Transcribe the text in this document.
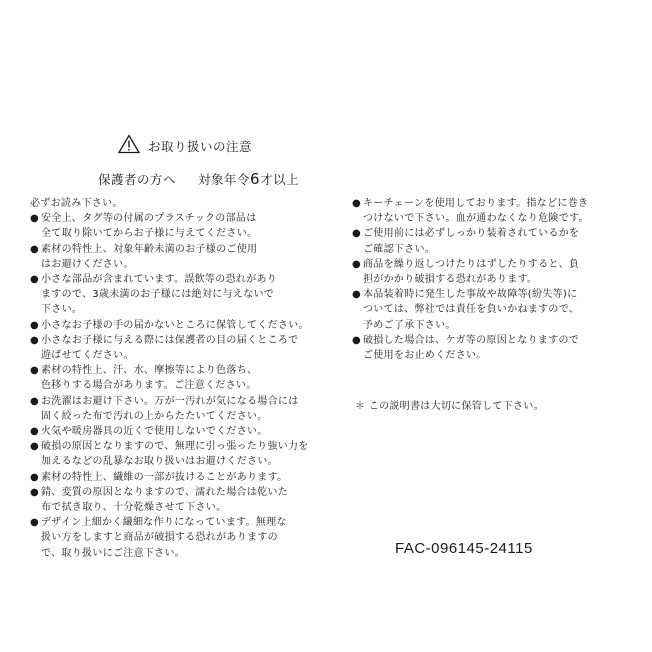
お取り扱いの注意
保護者の方へ 対象年令6才以上
必ずお読み下さい。
● 安全上、タグ等の付属のプラスチックの部品は
全て取り除いてからお子様に与えてください。
● 素材の特性上、対象年齢未満のお子様のご使用
はお避けください。
● 小さな部品が含まれています。誤飲等の恐れがあり
ますので、3歳未満のお子様には絶対に与えないで
下さい。
● 小さなお子様の手の届かないところに保管してください。
● 小さなお子様に与える際には保護者の目の届くところで
遊ばせてください。
● 素材の特性上、汗、水、摩擦等により色落ち、
色移りする場合があります。ご注意ください。
● お洗濯はお避け下さい。万が一汚れが気になる場合には
固く絞った布で汚れの上からたたいてください。
● 火気や暖房器具の近くで使用しないでください。
● 破損の原因となりますので、無理に引っ張ったり強い力を
加えるなどの乱暴なお取り扱いはお避けください。
● 素材の特性上、繊維の一部が抜けることがあります。
● 錆、変質の原因となりますので、濡れた場合は乾いた
布で拭き取り、十分乾燥させて下さい。
● デザイン上細かく繊細な作りになっています。無理な
扱い方をしますと商品が破損する恐れがありますの
で、取り扱いにご注意下さい。
● キーチェーンを使用しております。指などに巻き
つけないで下さい。血が通わなくなり危険です。
● ご使用前には必ずしっかり装着されているかを
ご確認下さい。
● 商品を繰り返しつけたりはずしたりすると、負
担がかかり破損する恐れがあります。
● 本品装着時に発生した事故や故障等(紛失等)に
ついては、弊社では責任を負いかねますので、
予めご了承下さい。
● 破損した場合は、ケガ等の原因となりますので
ご使用をお止めください。
＊ この説明書は大切に保管して下さい。
FAC-096145-24115
